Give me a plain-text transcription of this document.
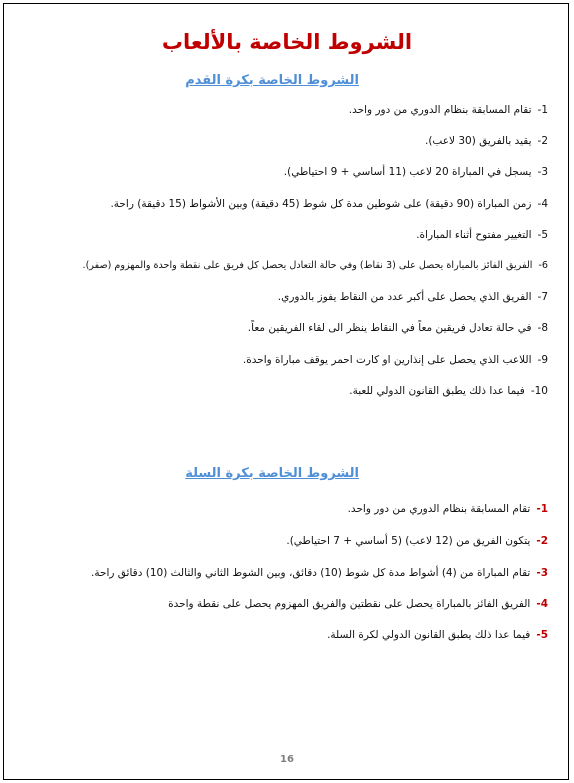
الشروط الخاصة بالألعاب
الشروط الخاصة بكرة القدم
1-تقام المسابقة بنظام الدوري من دور واحد.
2-يقيد بالفريق (30 لاعب).
3-يسجل في المباراة 20 لاعب (11 أساسي + 9 احتياطي).
4-زمن المباراة (90 دقيقة) على شوطين مدة كل شوط (45 دقيقة) وبين الأشواط (15 دقيقة) راحة.
5-التغيير مفتوح أثناء المباراة.
6-الفريق الفائز بالمباراة يحصل على (3 نقاط) وفي حالة التعادل يحصل كل فريق على نقطة واحدة والمهزوم (صفر).
7-الفريق الذي يحصل على أكبر عدد من النقاط يفوز بالدوري.
8-في حالة تعادل فريقين معاً في النقاط ينظر الى لقاء الفريقين معاً.
9-اللاعب الذي يحصل على إنذارين او كارت احمر يوقف مباراة واحدة.
10-فيما عدا ذلك يطبق القانون الدولي للعبة.
الشروط الخاصة بكرة السلة
1-تقام المسابقة بنظام الدوري من دور واحد.
2-يتكون الفريق من (12 لاعب) (5 أساسي + 7 احتياطي).
3-تقام المباراة من (4) أشواط مدة كل شوط (10) دقائق، وبين الشوط الثاني والثالث (10) دقائق راحة.
4-الفريق الفائز بالمباراة يحصل على نقطتين والفريق المهزوم يحصل على نقطة واحدة
5-فيما عدا ذلك يطبق القانون الدولي لكرة السلة.
16
